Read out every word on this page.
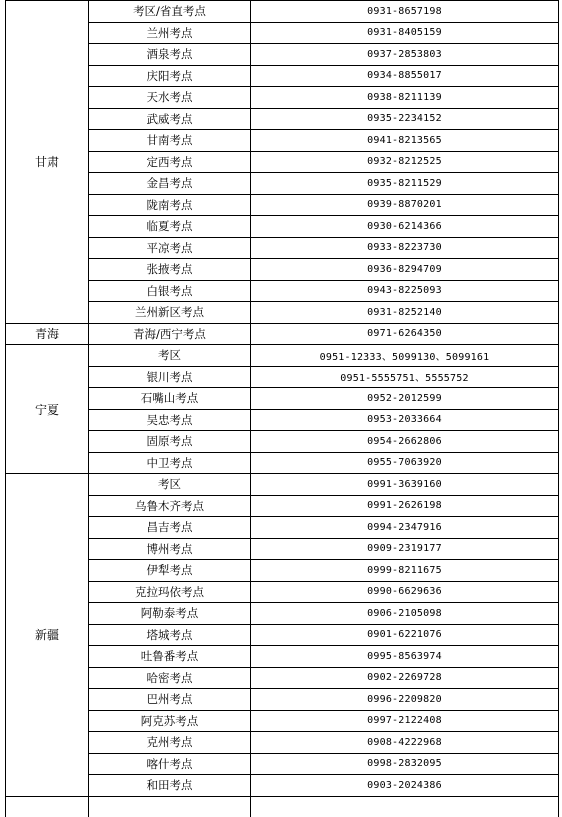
甘肃	考区/省直考点	0931-8657198
	兰州考点	0931-8405159
	酒泉考点	0937-2853803
	庆阳考点	0934-8855017
	天水考点	0938-8211139
	武威考点	0935-2234152
	甘南考点	0941-8213565
	定西考点	0932-8212525
	金昌考点	0935-8211529
	陇南考点	0939-8870201
	临夏考点	0930-6214366
	平凉考点	0933-8223730
	张掖考点	0936-8294709
	白银考点	0943-8225093
	兰州新区考点	0931-8252140
青海	青海/西宁考点	0971-6264350
宁夏	考区	0951-12333、5099130、5099161
	银川考点	0951-5555751、5555752
	石嘴山考点	0952-2012599
	吴忠考点	0953-2033664
	固原考点	0954-2662806
	中卫考点	0955-7063920
新疆	考区	0991-3639160
	乌鲁木齐考点	0991-2626198
	昌吉考点	0994-2347916
	博州考点	0909-2319177
	伊犁考点	0999-8211675
	克拉玛依考点	0990-6629636
	阿勒泰考点	0906-2105098
	塔城考点	0901-6221076
	吐鲁番考点	0995-8563974
	哈密考点	0902-2269728
	巴州考点	0996-2209820
	阿克苏考点	0997-2122408
	克州考点	0908-4222968
	喀什考点	0998-2832095
	和田考点	0903-2024386
